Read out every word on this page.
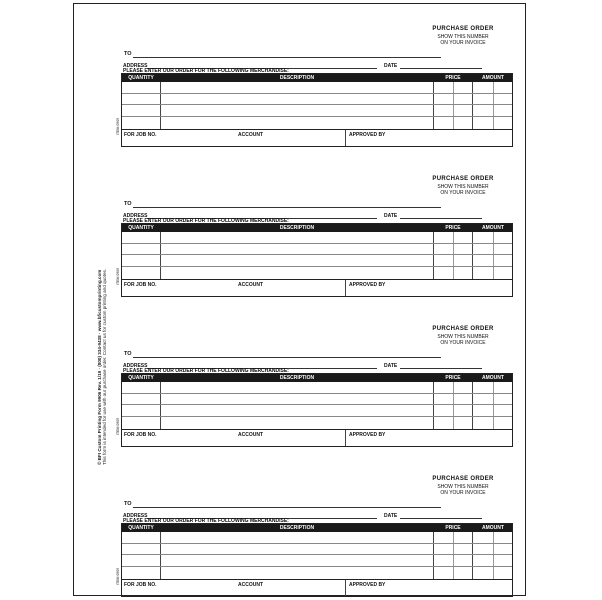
© BFI Custom Printing Form 9906 Rev. 1/19 · (800) 334-9438 · www.bficustomprinting.com This form is intended for use with our purchase order. Contact us for custom printing and quotes.
PURCHASE ORDER
SHOW THIS NUMBER
ON YOUR INVOICE
TO
ADDRESS	DATE
PLEASE ENTER OUR ORDER FOR THE FOLLOWING MERCHANDISE:
QUANTITY	DESCRIPTION	PRICE	AMOUNT
FOR JOB NO.	ACCOUNT	APPROVED BY
ITEM 0909
PURCHASE ORDER
SHOW THIS NUMBER
ON YOUR INVOICE
TO
ADDRESS	DATE
PLEASE ENTER OUR ORDER FOR THE FOLLOWING MERCHANDISE:
QUANTITY	DESCRIPTION	PRICE	AMOUNT
FOR JOB NO.	ACCOUNT	APPROVED BY
ITEM 0909
PURCHASE ORDER
SHOW THIS NUMBER
ON YOUR INVOICE
TO
ADDRESS	DATE
PLEASE ENTER OUR ORDER FOR THE FOLLOWING MERCHANDISE:
QUANTITY	DESCRIPTION	PRICE	AMOUNT
FOR JOB NO.	ACCOUNT	APPROVED BY
ITEM 0909
PURCHASE ORDER
SHOW THIS NUMBER
ON YOUR INVOICE
TO
ADDRESS	DATE
PLEASE ENTER OUR ORDER FOR THE FOLLOWING MERCHANDISE:
QUANTITY	DESCRIPTION	PRICE	AMOUNT
FOR JOB NO.	ACCOUNT	APPROVED BY
ITEM 0909
